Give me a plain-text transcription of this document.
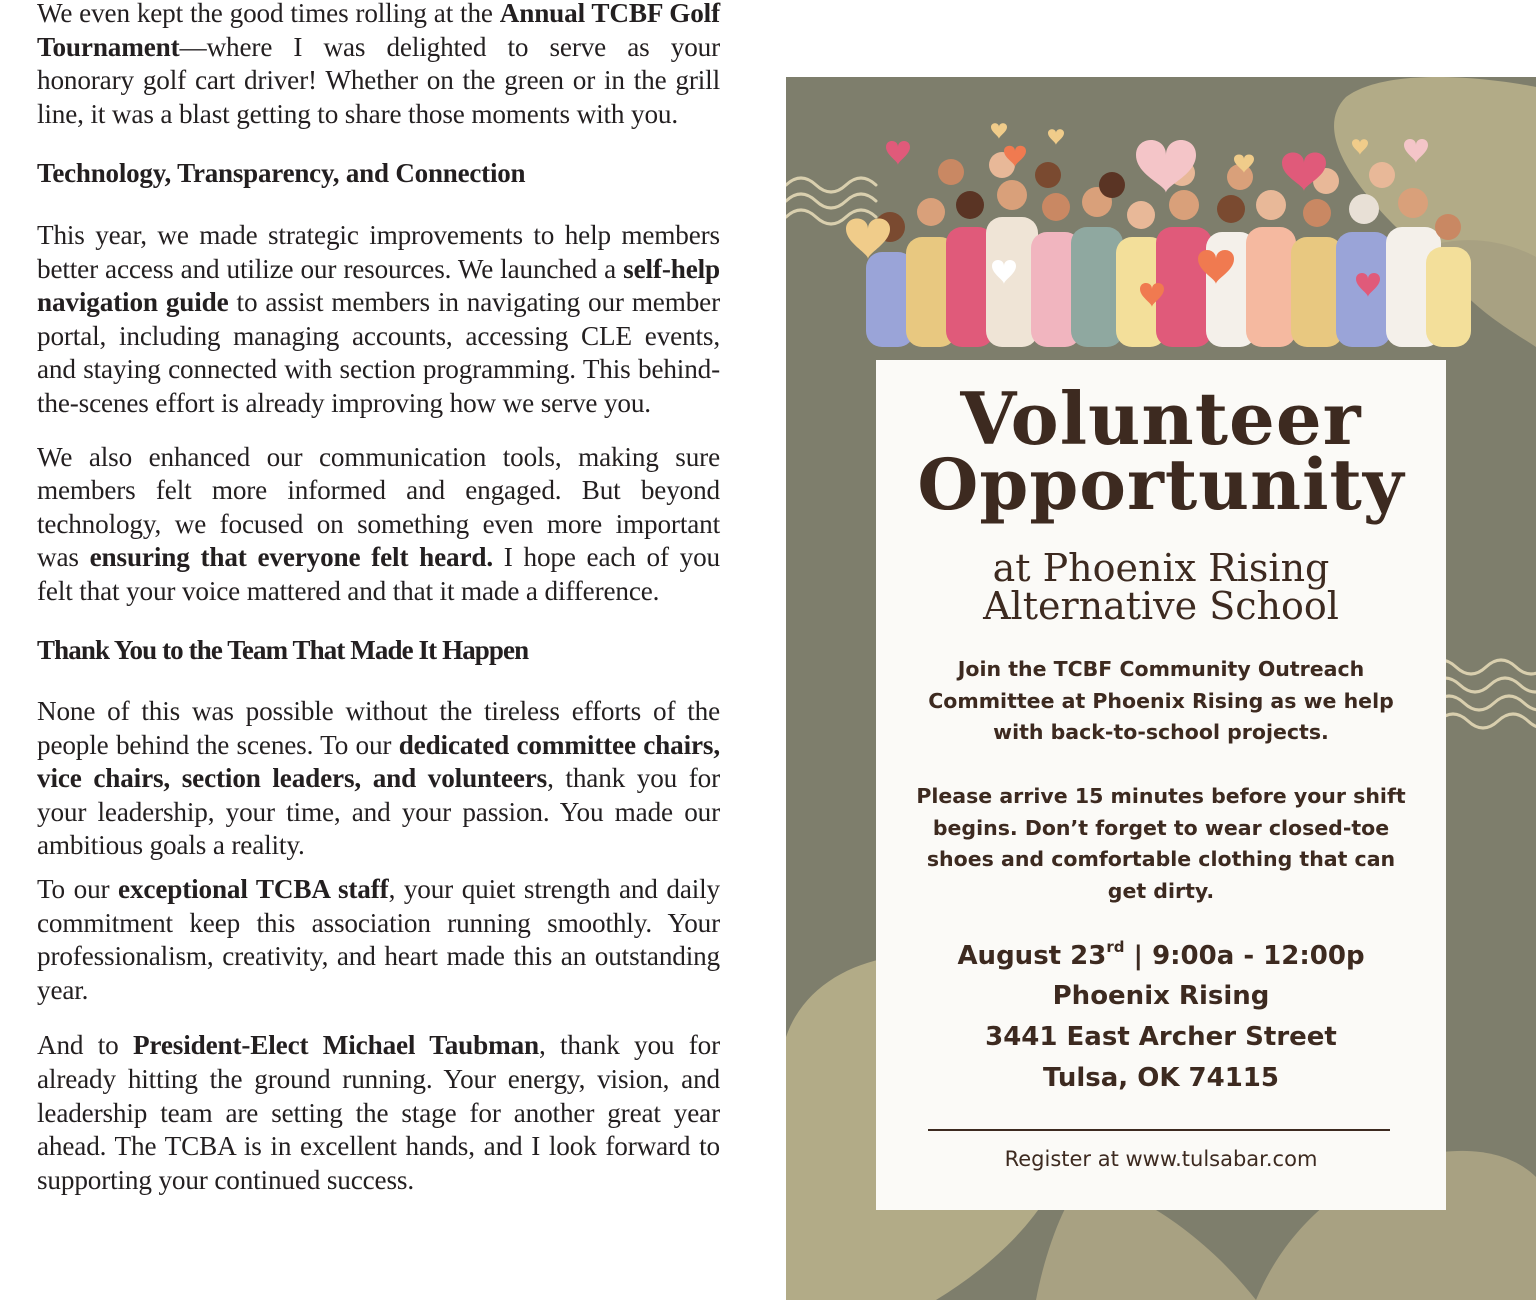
We even kept the good times rolling at the Annual TCBF Golf Tournament—where I was delighted to serve as your honorary golf cart driver! Whether on the green or in the grill line, it was a blast getting to share those moments with you.

Technology, Transparency, and Connection

This year, we made strategic improvements to help members better access and utilize our resources. We launched a self-help navigation guide to assist members in navigating our member portal, including managing accounts, accessing CLE events, and staying connected with section programming. This behind-the-scenes effort is already improving how we serve you.

We also enhanced our communication tools, making sure members felt more informed and engaged. But beyond technology, we focused on something even more important was ensuring that everyone felt heard. I hope each of you felt that your voice mattered and that it made a difference.

Thank You to the Team That Made It Happen

None of this was possible without the tireless efforts of the people behind the scenes. To our dedicated committee chairs, vice chairs, section leaders, and volunteers, thank you for your leadership, your time, and your passion. You made our ambitious goals a reality.

To our exceptional TCBA staff, your quiet strength and daily commitment keep this association running smoothly. Your professionalism, creativity, and heart made this an outstanding year.

And to President-Elect Michael Taubman, thank you for already hitting the ground running. Your energy, vision, and leadership team are setting the stage for another great year ahead. The TCBA is in excellent hands, and I look forward to supporting your continued success.

Volunteer
Opportunity
at Phoenix Rising
Alternative School
Join the TCBF Community Outreach Committee at Phoenix Rising as we help with back-to-school projects.
Please arrive 15 minutes before your shift begins. Don’t forget to wear closed-toe shoes and comfortable clothing that can get dirty.
August 23rd | 9:00a - 12:00p
Phoenix Rising
3441 East Archer Street
Tulsa, OK 74115
Register at www.tulsabar.com
